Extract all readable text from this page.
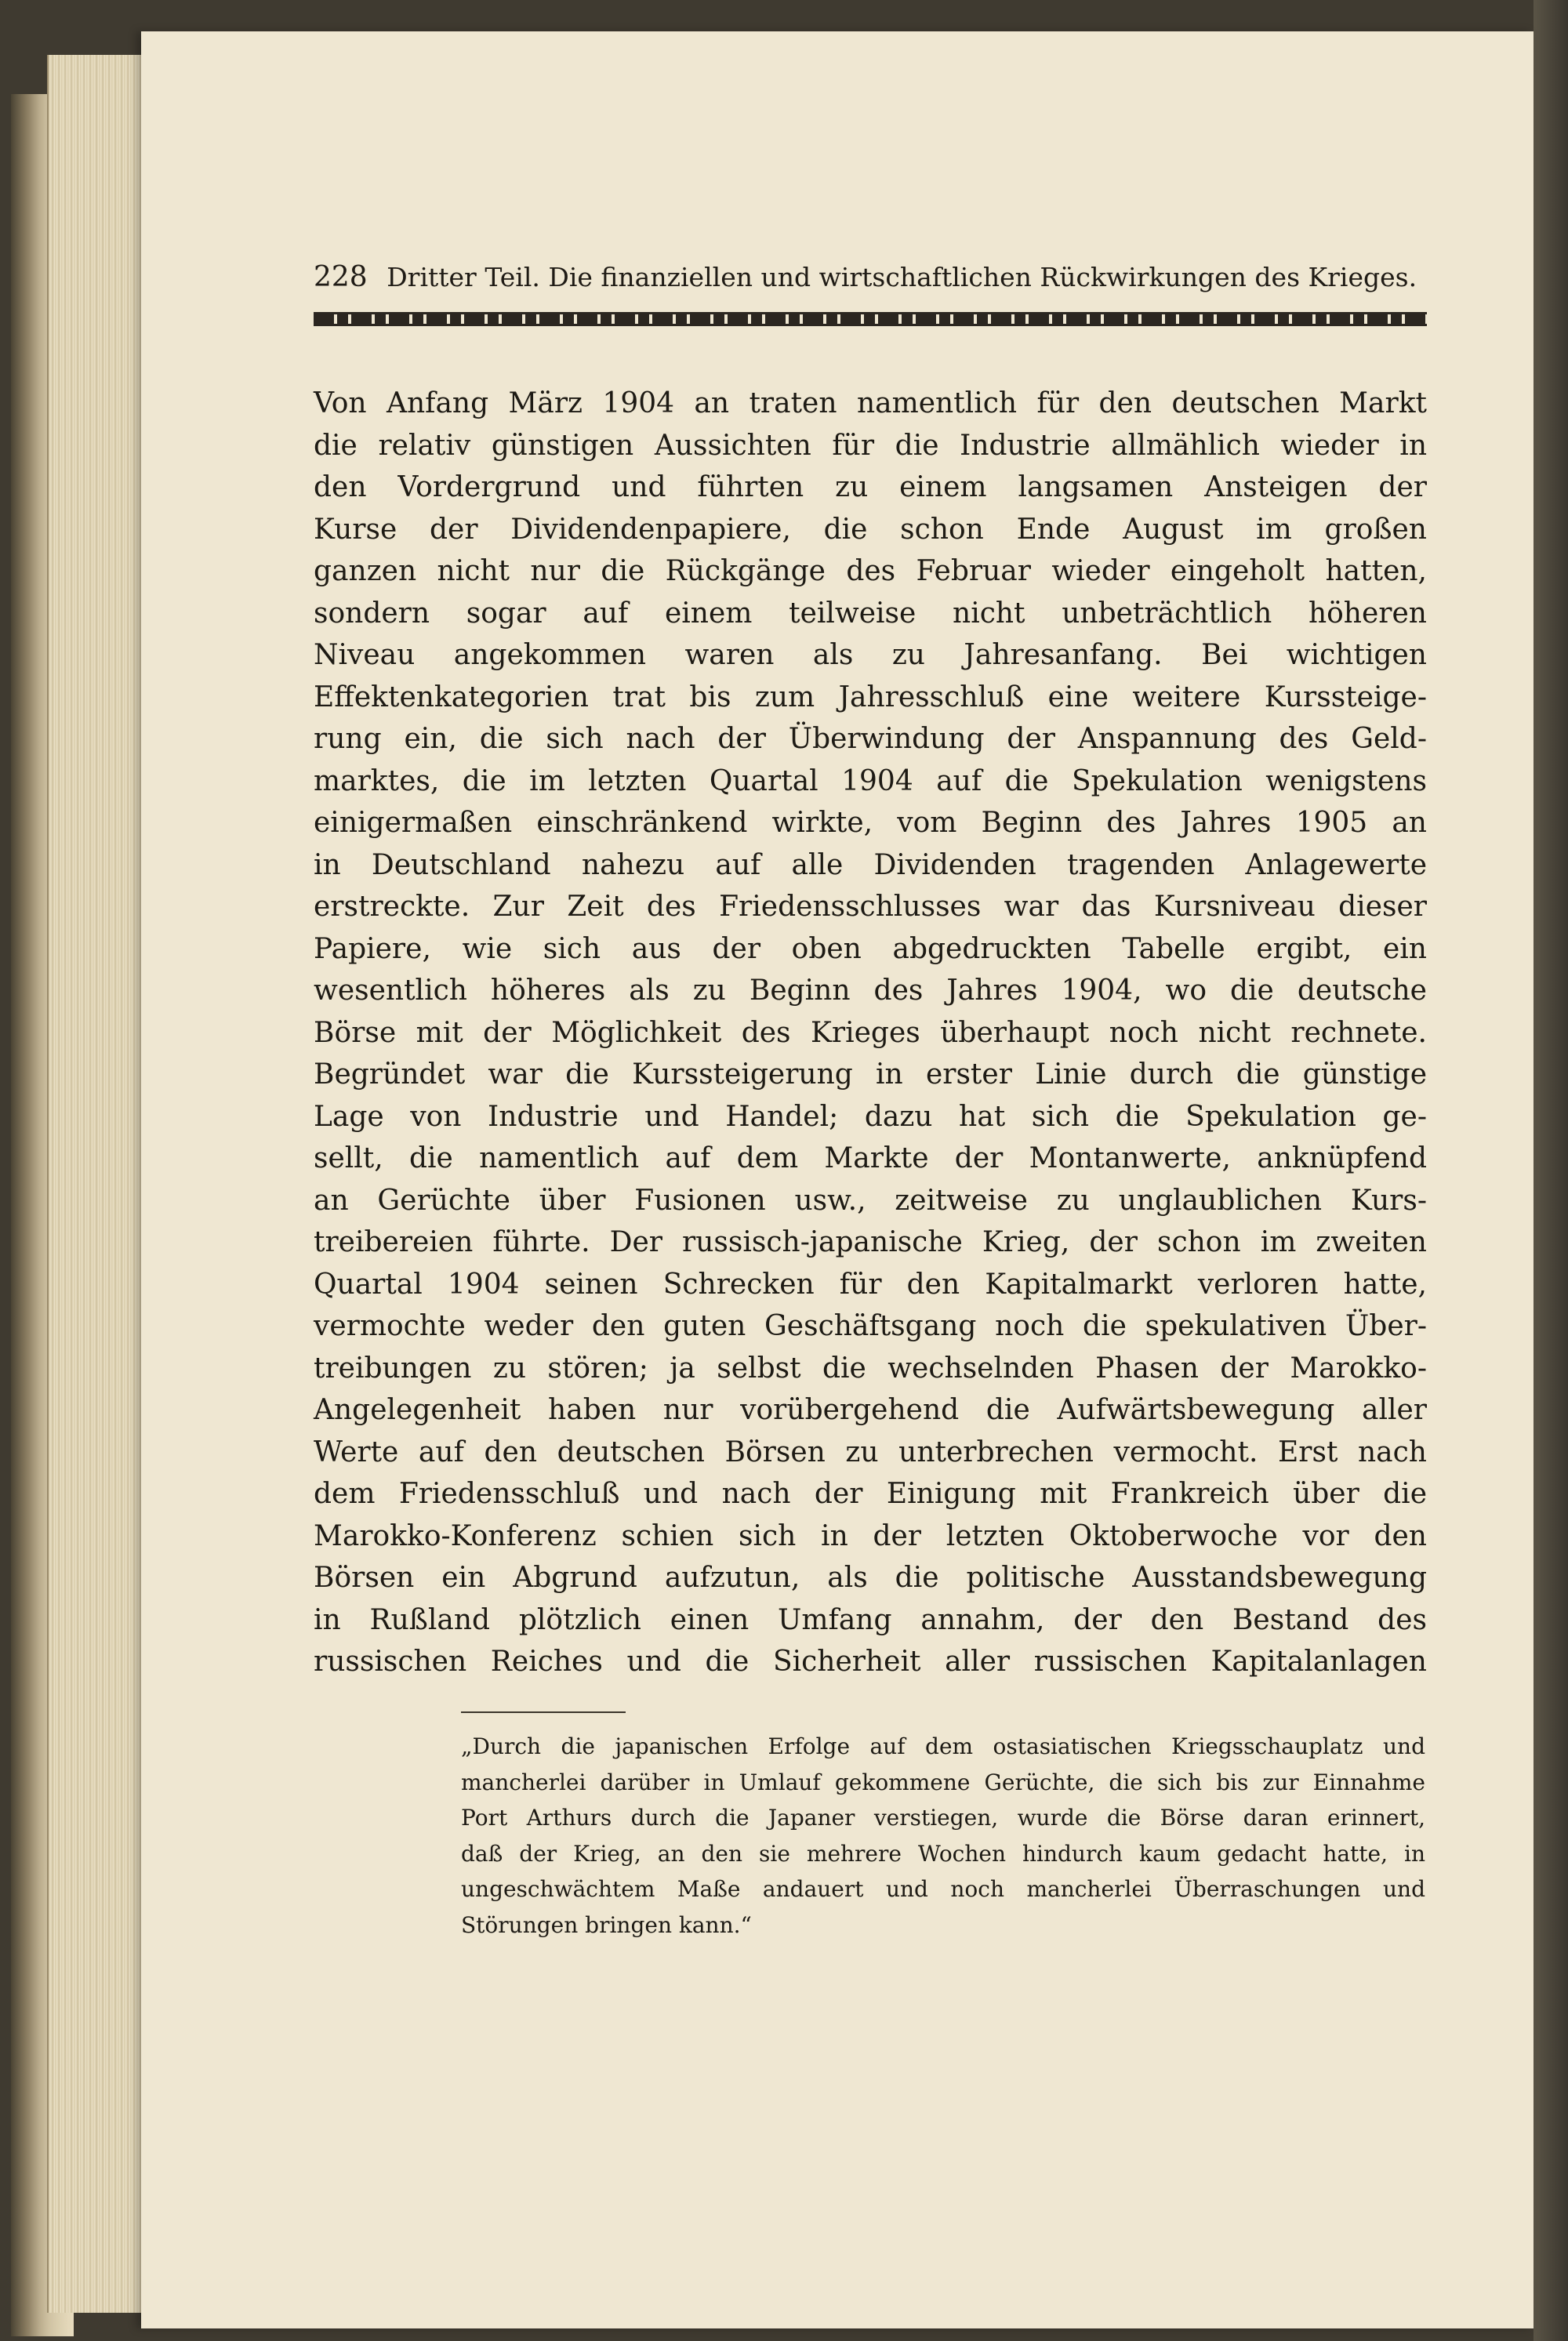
228 Dritter Teil. Die finanziellen und wirtschaftlichen Rückwirkungen des Krieges.
Von Anfang März 1904 an traten namentlich für den deutschen Markt
die relativ günstigen Aussichten für die Industrie allmählich wieder in
den Vordergrund und führten zu einem langsamen Ansteigen der
Kurse der Dividendenpapiere, die schon Ende August im großen
ganzen nicht nur die Rückgänge des Februar wieder eingeholt hatten,
sondern sogar auf einem teilweise nicht unbeträchtlich höheren
Niveau angekommen waren als zu Jahresanfang. Bei wichtigen
Effektenkategorien trat bis zum Jahresschluß eine weitere Kurssteige-
rung ein, die sich nach der Überwindung der Anspannung des Geld-
marktes, die im letzten Quartal 1904 auf die Spekulation wenigstens
einigermaßen einschränkend wirkte, vom Beginn des Jahres 1905 an
in Deutschland nahezu auf alle Dividenden tragenden Anlagewerte
erstreckte. Zur Zeit des Friedensschlusses war das Kursniveau dieser
Papiere, wie sich aus der oben abgedruckten Tabelle ergibt, ein
wesentlich höheres als zu Beginn des Jahres 1904, wo die deutsche
Börse mit der Möglichkeit des Krieges überhaupt noch nicht rechnete.
Begründet war die Kurssteigerung in erster Linie durch die günstige
Lage von Industrie und Handel; dazu hat sich die Spekulation ge-
sellt, die namentlich auf dem Markte der Montanwerte, anknüpfend
an Gerüchte über Fusionen usw., zeitweise zu unglaublichen Kurs-
treibereien führte. Der russisch-japanische Krieg, der schon im zweiten
Quartal 1904 seinen Schrecken für den Kapitalmarkt verloren hatte,
vermochte weder den guten Geschäftsgang noch die spekulativen Über-
treibungen zu stören; ja selbst die wechselnden Phasen der Marokko-
Angelegenheit haben nur vorübergehend die Aufwärtsbewegung aller
Werte auf den deutschen Börsen zu unterbrechen vermocht. Erst nach
dem Friedensschluß und nach der Einigung mit Frankreich über die
Marokko-Konferenz schien sich in der letzten Oktoberwoche vor den
Börsen ein Abgrund aufzutun, als die politische Ausstandsbewegung
in Rußland plötzlich einen Umfang annahm, der den Bestand des
russischen Reiches und die Sicherheit aller russischen Kapitalanlagen
„Durch die japanischen Erfolge auf dem ostasiatischen Kriegsschauplatz und
mancherlei darüber in Umlauf gekommene Gerüchte, die sich bis zur Einnahme
Port Arthurs durch die Japaner verstiegen, wurde die Börse daran erinnert,
daß der Krieg, an den sie mehrere Wochen hindurch kaum gedacht hatte, in
ungeschwächtem Maße andauert und noch mancherlei Überraschungen und
Störungen bringen kann.“
